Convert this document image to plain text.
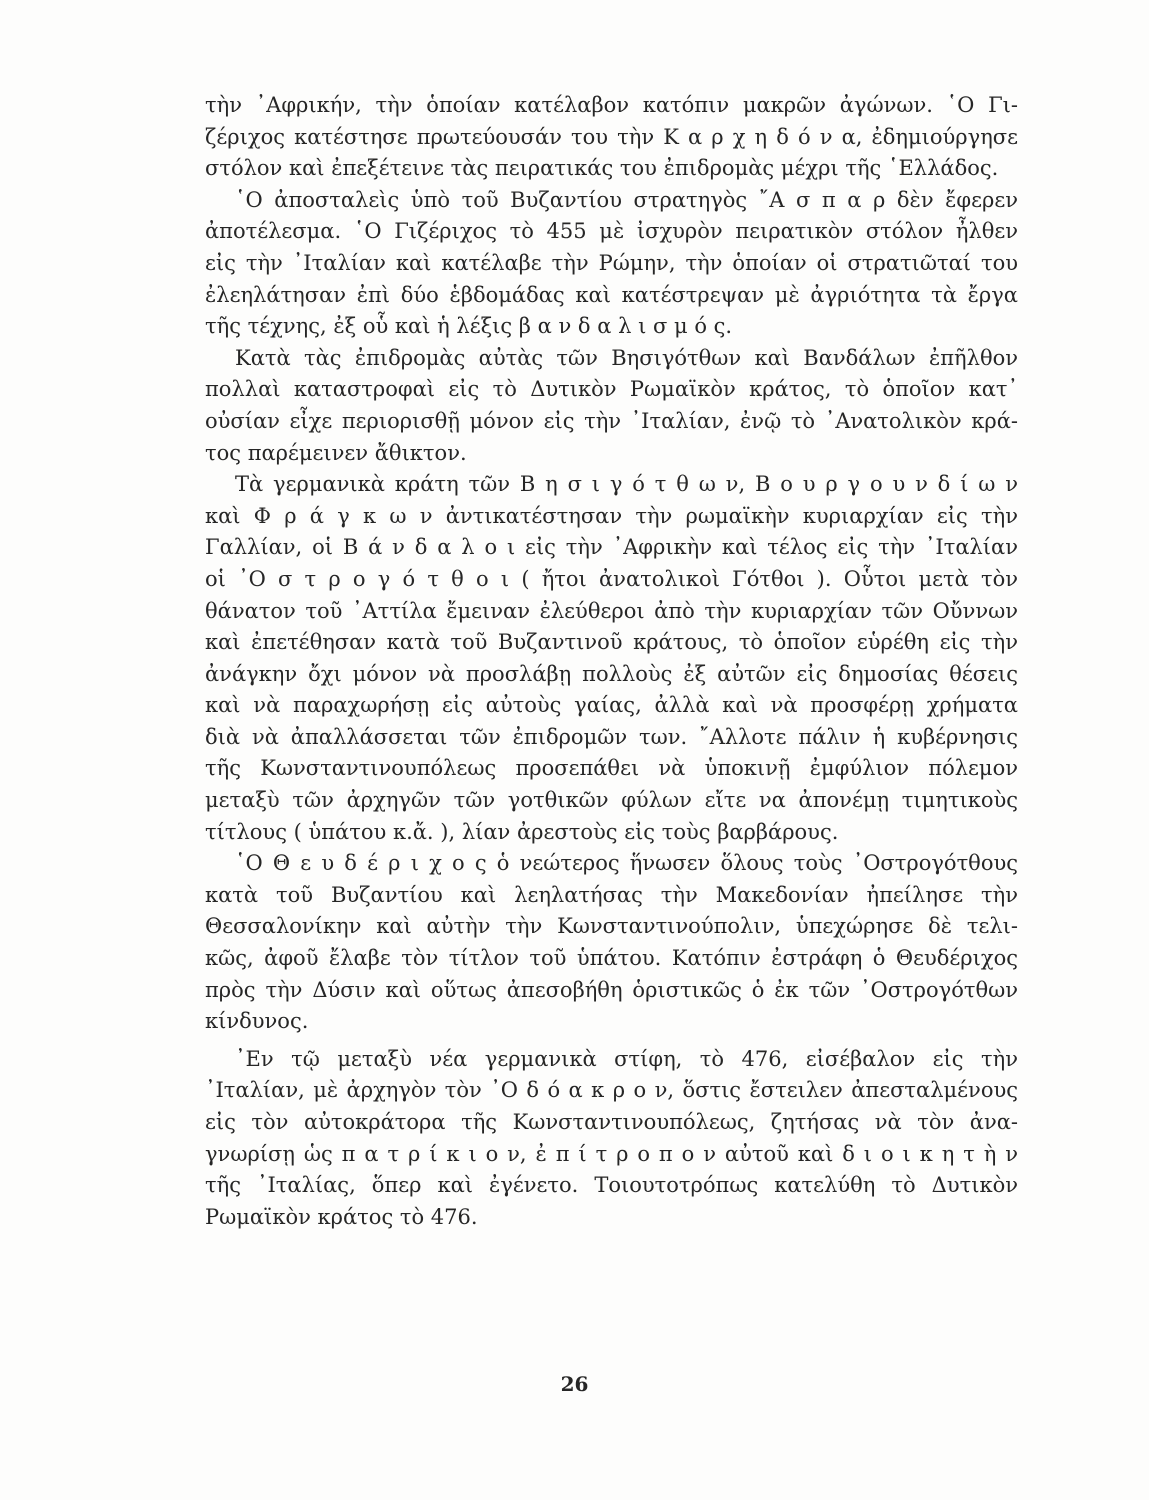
τὴν ᾿Αφρικήν, τὴν ὁποίαν κατέλαβον κατόπιν μακρῶν ἀγώνων. ῾Ο Γι-
ζέριχος κατέστησε πρωτεύουσάν του τὴν Κ α ρ χ η δ ό ν α, ἐδημιούργησε
στόλον καὶ ἐπεξέτεινε τὰς πειρατικάς του ἐπιδρομὰς μέχρι τῆς ῾Ελλάδος.
῾Ο ἀποσταλεὶς ὑπὸ τοῦ Βυζαντίου στρατηγὸς ῎Α σ π α ρ δὲν ἔφερεν
ἀποτέλεσμα. ῾Ο Γιζέριχος τὸ 455 μὲ ἰσχυρὸν πειρατικὸν στόλον ἦλθεν
εἰς τὴν ᾿Ιταλίαν καὶ κατέλαβε τὴν Ρώμην, τὴν ὁποίαν οἱ στρατιῶταί του
ἐλεηλάτησαν ἐπὶ δύο ἑβδομάδας καὶ κατέστρεψαν μὲ ἀγριότητα τὰ ἔργα
τῆς τέχνης, ἐξ οὗ καὶ ἡ λέξις β α ν δ α λ ι σ μ ό ς.
Κατὰ τὰς ἐπιδρομὰς αὐτὰς τῶν Βησιγότθων καὶ Βανδάλων ἐπῆλθον
πολλαὶ καταστροφαὶ εἰς τὸ Δυτικὸν Ρωμαϊκὸν κράτος, τὸ ὁποῖον κατ᾿
οὐσίαν εἶχε περιορισθῇ μόνον εἰς τὴν ᾿Ιταλίαν, ἐνῷ τὸ ᾿Ανατολικὸν κρά-
τος παρέμεινεν ἄθικτον.
Τὰ γερμανικὰ κράτη τῶν Β η σ ι γ ό τ θ ω ν, Β ο υ ρ γ ο υ ν δ ί ω ν
καὶ Φ ρ ά γ κ ω ν ἀντικατέστησαν τὴν ρωμαϊκὴν κυριαρχίαν εἰς τὴν
Γαλλίαν, οἱ Β ά ν δ α λ ο ι εἰς τὴν ᾿Αφρικὴν καὶ τέλος εἰς τὴν ᾿Ιταλίαν
οἱ ᾿Ο σ τ ρ ο γ ό τ θ ο ι ( ἤτοι ἀνατολικοὶ Γότθοι ). Οὗτοι μετὰ τὸν
θάνατον τοῦ ᾿Αττίλα ἔμειναν ἐλεύθεροι ἀπὸ τὴν κυριαρχίαν τῶν Οὔννων
καὶ ἐπετέθησαν κατὰ τοῦ Βυζαντινοῦ κράτους, τὸ ὁποῖον εὑρέθη εἰς τὴν
ἀνάγκην ὄχι μόνον νὰ προσλάβῃ πολλοὺς ἐξ αὐτῶν εἰς δημοσίας θέσεις
καὶ νὰ παραχωρήσῃ εἰς αὐτοὺς γαίας, ἀλλὰ καὶ νὰ προσφέρῃ χρήματα
διὰ νὰ ἀπαλλάσσεται τῶν ἐπιδρομῶν των. ῎Αλλοτε πάλιν ἡ κυβέρνησις
τῆς Κωνσταντινουπόλεως προσεπάθει νὰ ὑποκινῇ ἐμφύλιον πόλεμον
μεταξὺ τῶν ἀρχηγῶν τῶν γοτθικῶν φύλων εἴτε να ἀπονέμῃ τιμητικοὺς
τίτλους ( ὑπάτου κ.ἄ. ), λίαν ἀρεστοὺς εἰς τοὺς βαρβάρους.
῾Ο Θ ε υ δ έ ρ ι χ ο ς ὁ νεώτερος ἥνωσεν ὅλους τοὺς ᾿Οστρογότθους
κατὰ τοῦ Βυζαντίου καὶ λεηλατήσας τὴν Μακεδονίαν ἠπείλησε τὴν
Θεσσαλονίκην καὶ αὐτὴν τὴν Κωνσταντινούπολιν, ὑπεχώρησε δὲ τελι-
κῶς, ἀφοῦ ἔλαβε τὸν τίτλον τοῦ ὑπάτου. Κατόπιν ἐστράφη ὁ Θευδέριχος
πρὸς τὴν Δύσιν καὶ οὕτως ἀπεσοβήθη ὁριστικῶς ὁ ἐκ τῶν ᾿Οστρογότθων
κίνδυνος.
᾿Εν τῷ μεταξὺ νέα γερμανικὰ στίφη, τὸ 476, εἰσέβαλον εἰς τὴν
᾿Ιταλίαν, μὲ ἀρχηγὸν τὸν ᾿Ο δ ό α κ ρ ο ν, ὅστις ἔστειλεν ἀπεσταλμένους
εἰς τὸν αὐτοκράτορα τῆς Κωνσταντινουπόλεως, ζητήσας νὰ τὸν ἀνα-
γνωρίσῃ ὡς π α τ ρ ί κ ι ο ν, ἐ π ί τ ρ ο π ο ν αὐτοῦ καὶ δ ι ο ι κ η τ ὴ ν
τῆς ᾿Ιταλίας, ὅπερ καὶ ἐγένετο. Τοιουτοτρόπως κατελύθη τὸ Δυτικὸν
Ρωμαϊκὸν κράτος τὸ 476.
26
